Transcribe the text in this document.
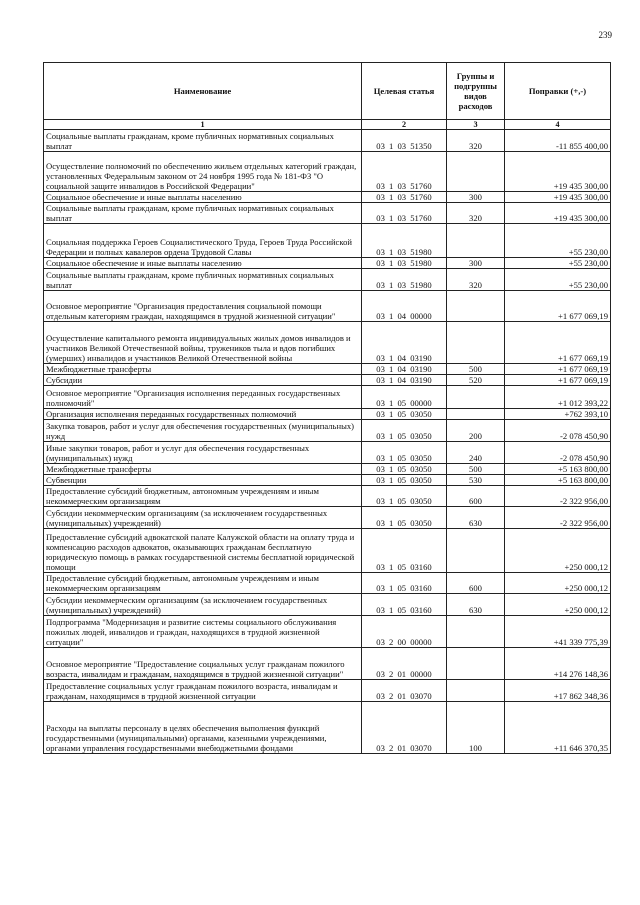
239
Наименование	Целевая статья	Группы и подгруппы видов расходов	Поправки (+,-)
1	2	3	4
Социальные выплаты гражданам, кроме публичных нормативных социальных выплат	03 1 03 51350	320	-11 855 400,00
Осуществление полномочий по обеспечению жильем отдельных категорий граждан, установленных Федеральным законом от 24 ноября 1995 года № 181-ФЗ "О социальной защите инвалидов в Российской Федерации"	03 1 03 51760		+19 435 300,00
Социальное обеспечение и иные выплаты населению	03 1 03 51760	300	+19 435 300,00
Социальные выплаты гражданам, кроме публичных нормативных социальных выплат	03 1 03 51760	320	+19 435 300,00
Социальная поддержка Героев Социалистического Труда, Героев Труда Российской Федерации и полных кавалеров ордена Трудовой Славы	03 1 03 51980		+55 230,00
Социальное обеспечение и иные выплаты населению	03 1 03 51980	300	+55 230,00
Социальные выплаты гражданам, кроме публичных нормативных социальных выплат	03 1 03 51980	320	+55 230,00
Основное мероприятие "Организация предоставления социальной помощи отдельным категориям граждан, находящимся в трудной жизненной ситуации"	03 1 04 00000		+1 677 069,19
Осуществление капитального ремонта индивидуальных жилых домов инвалидов и участников Великой Отечественной войны, тружеников тыла и вдов погибших (умерших) инвалидов и участников Великой Отечественной войны	03 1 04 03190		+1 677 069,19
Межбюджетные трансферты	03 1 04 03190	500	+1 677 069,19
Субсидии	03 1 04 03190	520	+1 677 069,19
Основное мероприятие "Организация исполнения переданных государственных полномочий"	03 1 05 00000		+1 012 393,22
Организация исполнения переданных государственных полномочий	03 1 05 03050		+762 393,10
Закупка товаров, работ и услуг для обеспечения государственных (муниципальных) нужд	03 1 05 03050	200	-2 078 450,90
Иные закупки товаров, работ и услуг для обеспечения государственных (муниципальных) нужд	03 1 05 03050	240	-2 078 450,90
Межбюджетные трансферты	03 1 05 03050	500	+5 163 800,00
Субвенции	03 1 05 03050	530	+5 163 800,00
Предоставление субсидий бюджетным, автономным учреждениям и иным некоммерческим организациям	03 1 05 03050	600	-2 322 956,00
Субсидии некоммерческим организациям (за исключением государственных (муниципальных) учреждений)	03 1 05 03050	630	-2 322 956,00
Предоставление субсидий адвокатской палате Калужской области на оплату труда и компенсацию расходов адвокатов, оказывающих гражданам бесплатную юридическую помощь в рамках государственной системы бесплатной юридической помощи	03 1 05 03160		+250 000,12
Предоставление субсидий бюджетным, автономным учреждениям и иным некоммерческим организациям	03 1 05 03160	600	+250 000,12
Субсидии некоммерческим организациям (за исключением государственных (муниципальных) учреждений)	03 1 05 03160	630	+250 000,12
Подпрограмма "Модернизация и развитие системы социального обслуживания пожилых людей, инвалидов и граждан, находящихся в трудной жизненной ситуации"	03 2 00 00000		+41 339 775,39
Основное мероприятие "Предоставление социальных услуг гражданам пожилого возраста, инвалидам и гражданам, находящимся в трудной жизненной ситуации"	03 2 01 00000		+14 276 148,36
Предоставление социальных услуг гражданам пожилого возраста, инвалидам и гражданам, находящимся в трудной жизненной ситуации	03 2 01 03070		+17 862 348,36
Расходы на выплаты персоналу в целях обеспечения выполнения функций государственными (муниципальными) органами, казенными учреждениями, органами управления государственными внебюджетными фондами	03 2 01 03070	100	+11 646 370,35
